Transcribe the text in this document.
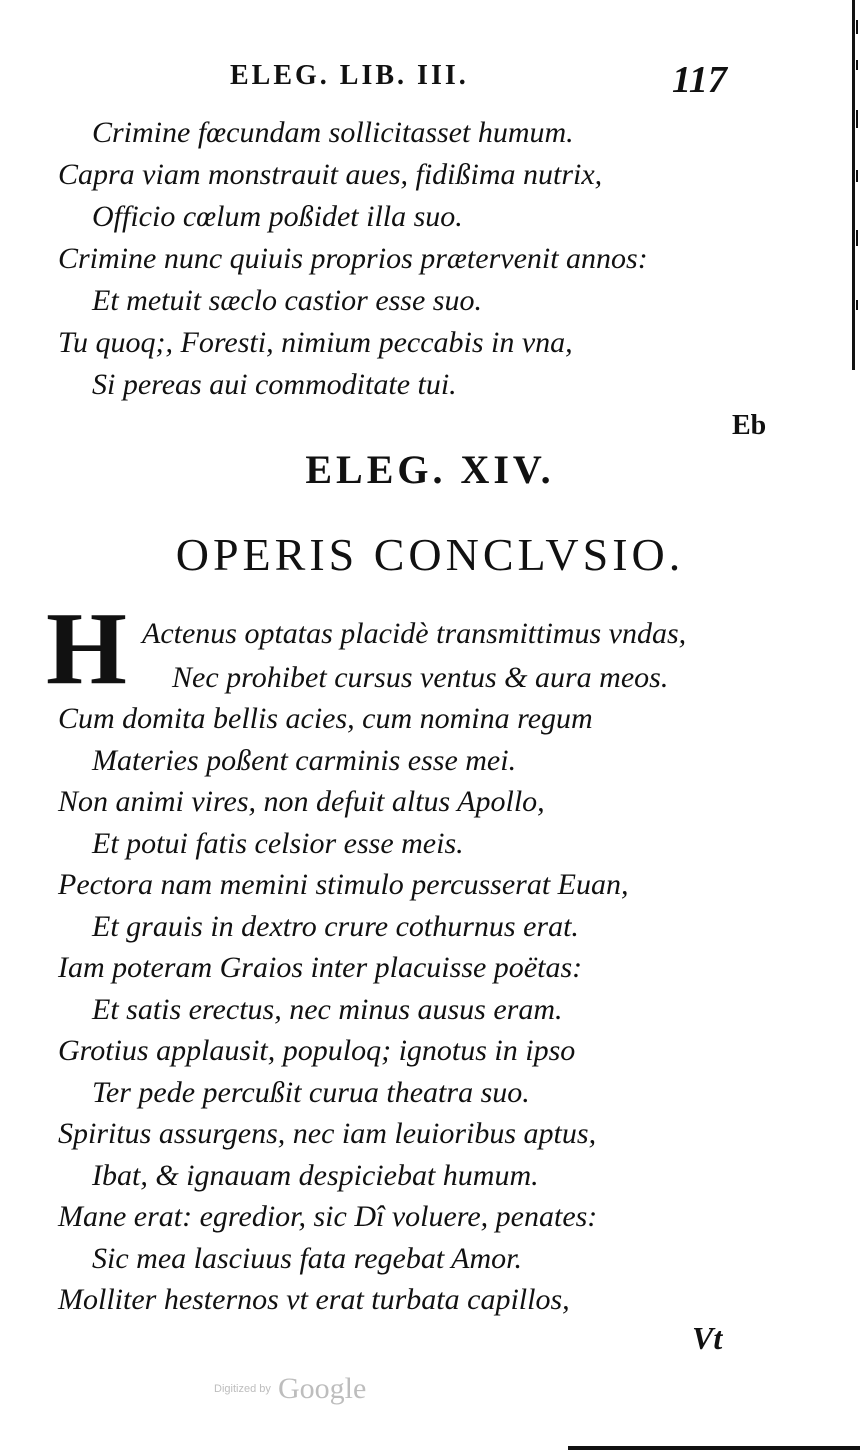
ELEG. LIB. III.	117
Crimine fœcundam sollicitasset humum.
Capra viam monstrauit aues, fidißima nutrix,
Officio cœlum poßidet illa suo.
Crimine nunc quiuis proprios prætervenit annos:
Et metuit sæclo castior esse suo.
Tu quoq;, Foresti, nimium peccabis in vna,
Si pereas aui commoditate tui.
Eb
ELEG. XIV.
OPERIS CONCLVSIO.
H Actenus optatas placidè transmittimus vndas,
Nec prohibet cursus ventus & aura meos.
Cum domita bellis acies, cum nomina regum
Materies poßent carminis esse mei.
Non animi vires, non defuit altus Apollo,
Et potui fatis celsior esse meis.
Pectora nam memini stimulo percusserat Euan,
Et grauis in dextro crure cothurnus erat.
Iam poteram Graios inter placuisse poëtas:
Et satis erectus, nec minus ausus eram.
Grotius applausit, populoq; ignotus in ipso
Ter pede percußit curua theatra suo.
Spiritus assurgens, nec iam leuioribus aptus,
Ibat, & ignauam despiciebat humum.
Mane erat: egredior, sic Dî voluere, penates:
Sic mea lasciuus fata regebat Amor.
Molliter hesternos vt erat turbata capillos,
Vt
Digitized by Google
